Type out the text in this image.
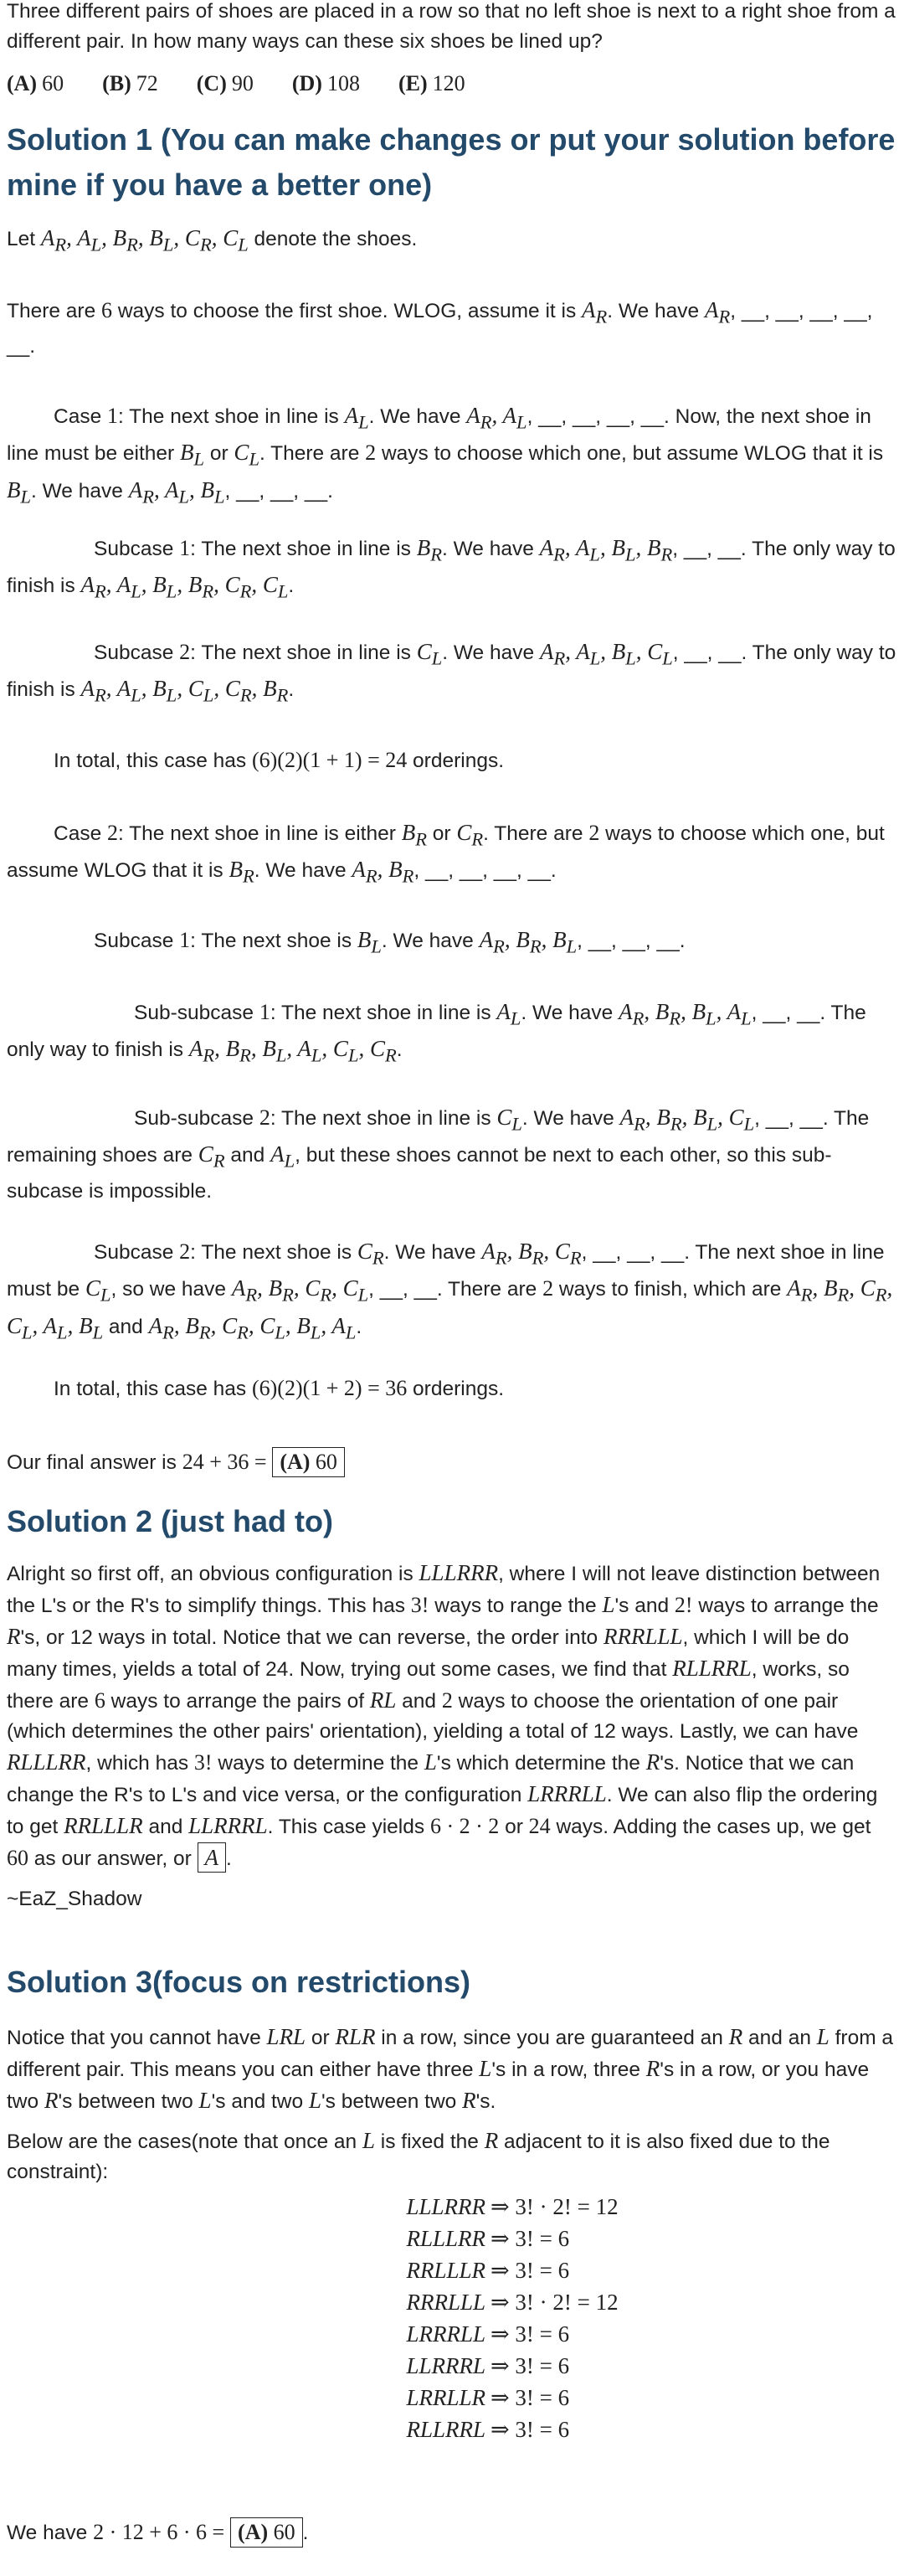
Three different pairs of shoes are placed in a row so that no left shoe is next to a right shoe from a different pair. In how many ways can these six shoes be lined up?

(A) 60 (B) 72 (C) 90 (D) 108 (E) 120

Solution 1 (You can make changes or put your solution before mine if you have a better one)

Let $A_R$, $A_L$, $B_R$, $B_L$, $C_R$, $C_L$ denote the shoes.

There are 6 ways to choose the first shoe. WLOG, assume it is $A_R$. We have $A_R$, __, __, __, __, __.

Case 1: The next shoe in line is $A_L$. We have $A_R$, $A_L$, __, __, __, __. Now, the next shoe in line must be either $B_L$ or $C_L$. There are 2 ways to choose which one, but assume WLOG that it is $B_L$. We have $A_R$, $A_L$, $B_L$, __, __, __.

Subcase 1: The next shoe in line is $B_R$. We have $A_R$, $A_L$, $B_L$, $B_R$, __, __. The only way to finish is $A_R$, $A_L$, $B_L$, $B_R$, $C_R$, $C_L$.

Subcase 2: The next shoe in line is $C_L$. We have $A_R$, $A_L$, $B_L$, $C_L$, __, __. The only way to finish is $A_R$, $A_L$, $B_L$, $C_L$, $C_R$, $B_R$.

In total, this case has (6)(2)(1 + 1) = 24 orderings.

Case 2: The next shoe in line is either $B_R$ or $C_R$. There are 2 ways to choose which one, but assume WLOG that it is $B_R$. We have $A_R$, $B_R$, __, __, __, __.

Subcase 1: The next shoe is $B_L$. We have $A_R$, $B_R$, $B_L$, __, __, __.

Sub-subcase 1: The next shoe in line is $A_L$. We have $A_R$, $B_R$, $B_L$, $A_L$, __, __. The only way to finish is $A_R$, $B_R$, $B_L$, $A_L$, $C_L$, $C_R$.

Sub-subcase 2: The next shoe in line is $C_L$. We have $A_R$, $B_R$, $B_L$, $C_L$, __, __. The remaining shoes are $C_R$ and $A_L$, but these shoes cannot be next to each other, so this sub-subcase is impossible.

Subcase 2: The next shoe is $C_R$. We have $A_R$, $B_R$, $C_R$, __, __, __. The next shoe in line must be $C_L$, so we have $A_R$, $B_R$, $C_R$, $C_L$, __, __. There are 2 ways to finish, which are $A_R$, $B_R$, $C_R$, $C_L$, $A_L$, $B_L$ and $A_R$, $B_R$, $C_R$, $C_L$, $B_L$, $A_L$.

In total, this case has (6)(2)(1 + 2) = 36 orderings.

Our final answer is 24 + 36 = (A) 60

Solution 2 (just had to)

Alright so first off, an obvious configuration is LLLRRR, where I will not leave distinction between the L's or the R's to simplify things. This has 3! ways to range the L's and 2! ways to arrange the R's, or 12 ways in total. Notice that we can reverse, the order into RRRLLL, which I will be do many times, yields a total of 24. Now, trying out some cases, we find that RLLRRL, works, so there are 6 ways to arrange the pairs of RL and 2 ways to choose the orientation of one pair (which determines the other pairs' orientation), yielding a total of 12 ways. Lastly, we can have RLLLRR, which has 3! ways to determine the L's which determine the R's. Notice that we can change the R's to L's and vice versa, or the configuration LRRRLL. We can also flip the ordering to get RRLLLR and LLRRRL. This case yields 6 · 2 · 2 or 24 ways. Adding the cases up, we get 60 as our answer, or A .

~EaZ_Shadow

Solution 3(focus on restrictions)

Notice that you cannot have LRL or RLR in a row, since you are guaranteed an R and an L from a different pair. This means you can either have three L's in a row, three R's in a row, or you have two R's between two L's and two L's between two R's.

Below are the cases(note that once an L is fixed the R adjacent to it is also fixed due to the constraint):

LLLRRR ⇒ 3! · 2! = 12
RLLLRR ⇒ 3! = 6
RRLLLR ⇒ 3! = 6
RRRLLL ⇒ 3! · 2! = 12
LRRRLL ⇒ 3! = 6
LLRRRL ⇒ 3! = 6
LRRLLR ⇒ 3! = 6
RLLRRL ⇒ 3! = 6

We have 2 · 12 + 6 · 6 = (A) 60 .
